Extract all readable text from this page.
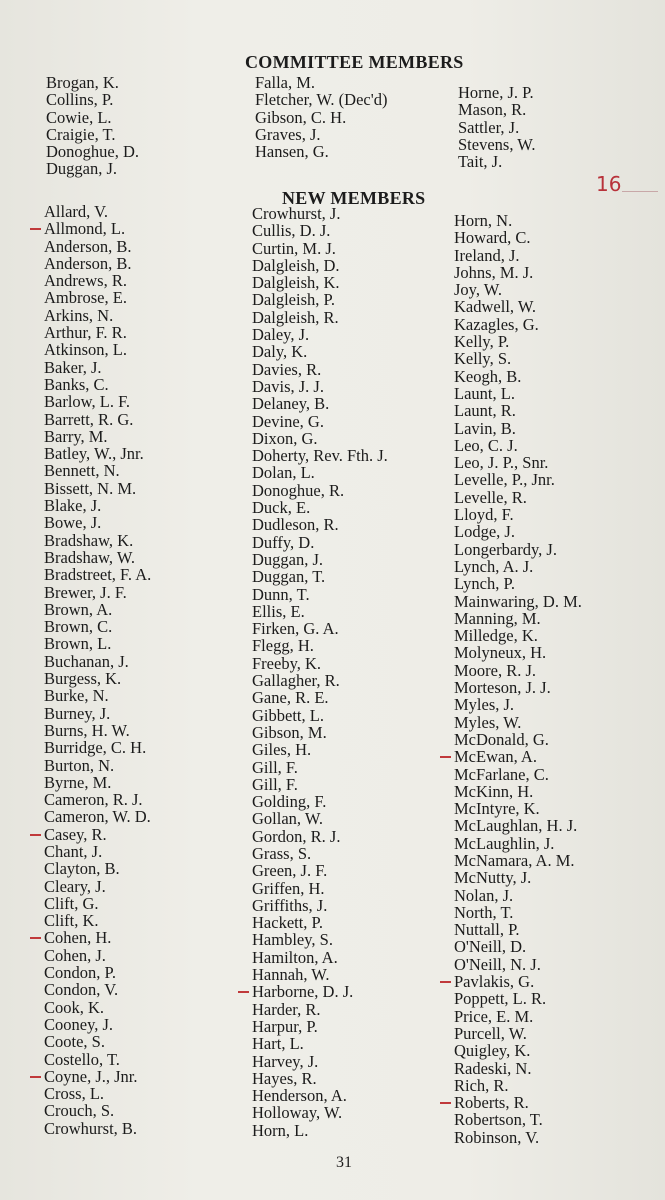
COMMITTEE MEMBERS
Brogan, K.
Collins, P.
Cowie, L.
Craigie, T.
Donoghue, D.
Duggan, J.
Falla, M.
Fletcher, W. (Dec'd)
Gibson, C. H.
Graves, J.
Hansen, G.
Horne, J. P.
Mason, R.
Sattler, J.
Stevens, W.
Tait, J.
16
NEW MEMBERS
Allard, V.
Allmond, L.
Anderson, B.
Anderson, B.
Andrews, R.
Ambrose, E.
Arkins, N.
Arthur, F. R.
Atkinson, L.
Baker, J.
Banks, C.
Barlow, L. F.
Barrett, R. G.
Barry, M.
Batley, W., Jnr.
Bennett, N.
Bissett, N. M.
Blake, J.
Bowe, J.
Bradshaw, K.
Bradshaw, W.
Bradstreet, F. A.
Brewer, J. F.
Brown, A.
Brown, C.
Brown, L.
Buchanan, J.
Burgess, K.
Burke, N.
Burney, J.
Burns, H. W.
Burridge, C. H.
Burton, N.
Byrne, M.
Cameron, R. J.
Cameron, W. D.
Casey, R.
Chant, J.
Clayton, B.
Cleary, J.
Clift, G.
Clift, K.
Cohen, H.
Cohen, J.
Condon, P.
Condon, V.
Cook, K.
Cooney, J.
Coote, S.
Costello, T.
Coyne, J., Jnr.
Cross, L.
Crouch, S.
Crowhurst, B.
Crowhurst, J.
Cullis, D. J.
Curtin, M. J.
Dalgleish, D.
Dalgleish, K.
Dalgleish, P.
Dalgleish, R.
Daley, J.
Daly, K.
Davies, R.
Davis, J. J.
Delaney, B.
Devine, G.
Dixon, G.
Doherty, Rev. Fth. J.
Dolan, L.
Donoghue, R.
Duck, E.
Dudleson, R.
Duffy, D.
Duggan, J.
Duggan, T.
Dunn, T.
Ellis, E.
Firken, G. A.
Flegg, H.
Freeby, K.
Gallagher, R.
Gane, R. E.
Gibbett, L.
Gibson, M.
Giles, H.
Gill, F.
Gill, F.
Golding, F.
Gollan, W.
Gordon, R. J.
Grass, S.
Green, J. F.
Griffen, H.
Griffiths, J.
Hackett, P.
Hambley, S.
Hamilton, A.
Hannah, W.
Harborne, D. J.
Harder, R.
Harpur, P.
Hart, L.
Harvey, J.
Hayes, R.
Henderson, A.
Holloway, W.
Horn, L.
Horn, N.
Howard, C.
Ireland, J.
Johns, M. J.
Joy, W.
Kadwell, W.
Kazagles, G.
Kelly, P.
Kelly, S.
Keogh, B.
Launt, L.
Launt, R.
Lavin, B.
Leo, C. J.
Leo, J. P., Snr.
Levelle, P., Jnr.
Levelle, R.
Lloyd, F.
Lodge, J.
Longerbardy, J.
Lynch, A. J.
Lynch, P.
Mainwaring, D. M.
Manning, M.
Milledge, K.
Molyneux, H.
Moore, R. J.
Morteson, J. J.
Myles, J.
Myles, W.
McDonald, G.
McEwan, A.
McFarlane, C.
McKinn, H.
McIntyre, K.
McLaughlan, H. J.
McLaughlin, J.
McNamara, A. M.
McNutty, J.
Nolan, J.
North, T.
Nuttall, P.
O'Neill, D.
O'Neill, N. J.
Pavlakis, G.
Poppett, L. R.
Price, E. M.
Purcell, W.
Quigley, K.
Radeski, N.
Rich, R.
Roberts, R.
Robertson, T.
Robinson, V.
31
